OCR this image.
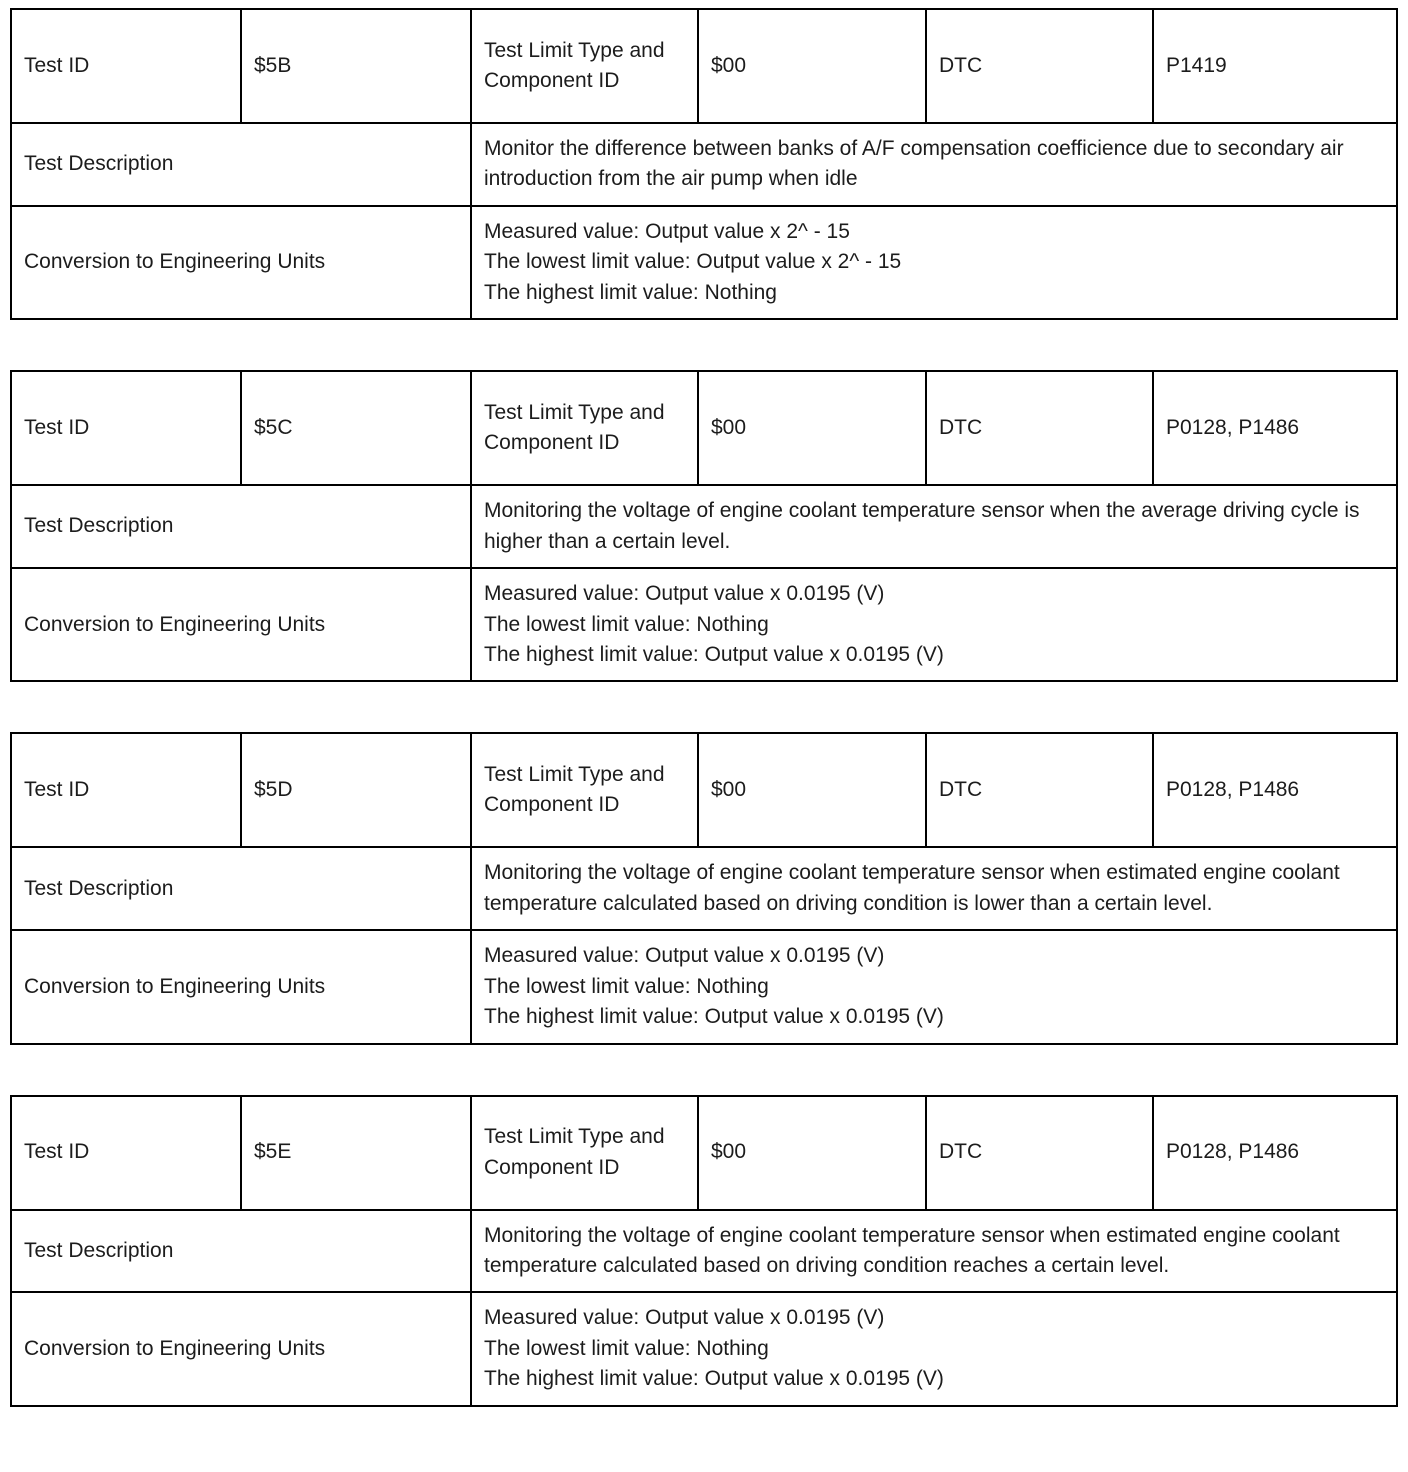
Test ID	$5B	Test Limit Type and Component ID	$00	DTC	P1419
Test Description		Monitor the difference between banks of A/F compensation coefficience due to secondary air introduction from the air pump when idle			
Conversion to Engineering Units		Measured value: Output value x 2^ - 15
The lowest limit value: Output value x 2^ - 15
The highest limit value: Nothing			
Test ID	$5C	Test Limit Type and Component ID	$00	DTC	P0128, P1486
Test Description		Monitoring the voltage of engine coolant temperature sensor when the average driving cycle is higher than a certain level.			
Conversion to Engineering Units		Measured value: Output value x 0.0195 (V)
The lowest limit value: Nothing
The highest limit value: Output value x 0.0195 (V)			
Test ID	$5D	Test Limit Type and Component ID	$00	DTC	P0128, P1486
Test Description		Monitoring the voltage of engine coolant temperature sensor when estimated engine coolant temperature calculated based on driving condition is lower than a certain level.			
Conversion to Engineering Units		Measured value: Output value x 0.0195 (V)
The lowest limit value: Nothing
The highest limit value: Output value x 0.0195 (V)			
Test ID	$5E	Test Limit Type and Component ID	$00	DTC	P0128, P1486
Test Description		Monitoring the voltage of engine coolant temperature sensor when estimated engine coolant temperature calculated based on driving condition reaches a certain level.			
Conversion to Engineering Units		Measured value: Output value x 0.0195 (V)
The lowest limit value: Nothing
The highest limit value: Output value x 0.0195 (V)			
